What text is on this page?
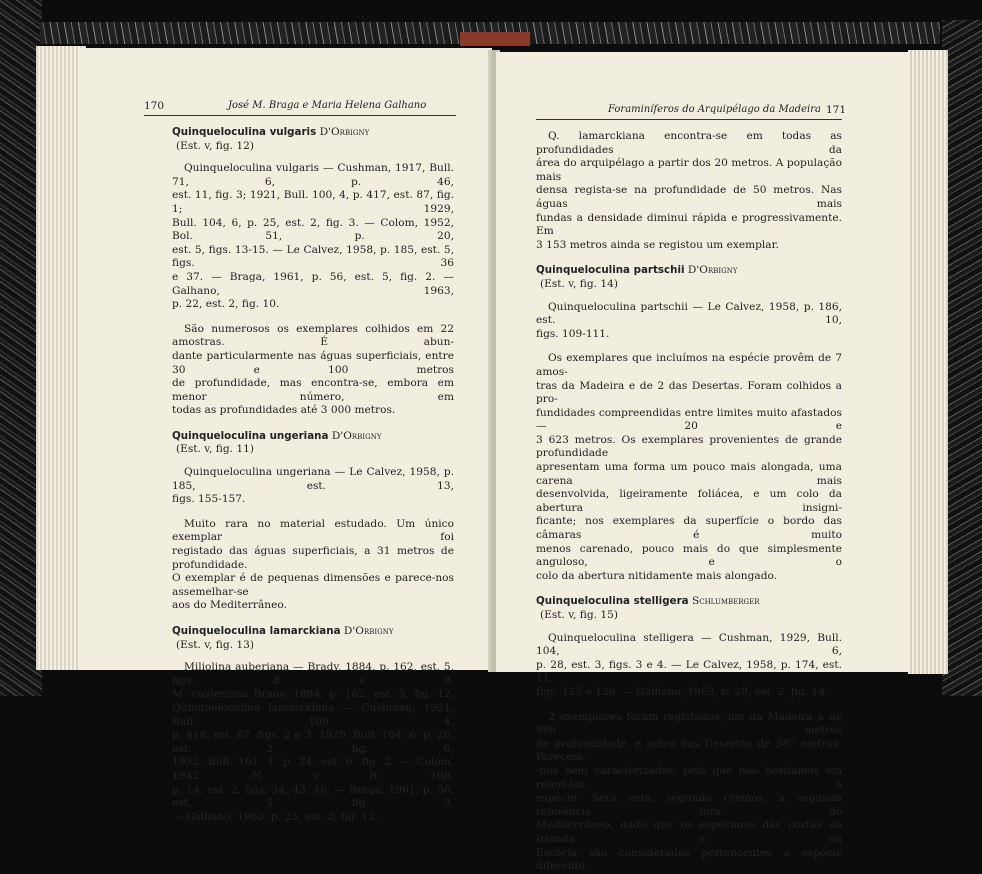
170	José M. Braga e Maria Helena Galhano
Quinqueloculina vulgaris D'Orbigny
(Est. v, fig. 12)
Quinqueloculina vulgaris — Cushman, 1917, Bull. 71, 6, p. 46,
est. 11, fig. 3; 1921, Bull. 100, 4, p. 417, est. 87, fig. 1; 1929,
Bull. 104, 6, p. 25, est. 2, fig. 3. — Colom, 1952, Bol. 51, p. 20,
est. 5, figs. 13-15. — Le Calvez, 1958, p. 185, est. 5, figs. 36
e 37. — Braga, 1961, p. 56, est. 5, fig. 2. — Galhano, 1963,
p. 22, est. 2, fig. 10.
São numerosos os exemplares colhidos em 22 amostras. É abun-
dante particularmente nas águas superficiais, entre 30 e 100 metros
de profundidade, mas encontra-se, embora em menor número, em
todas as profundidades até 3 000 metros.
Quinqueloculina ungeriana D'Orbigny
(Est. v, fig. 11)
Quinqueloculina ungeriana — Le Calvez, 1958, p. 185, est. 13,
figs. 155-157.
Muito rara no material estudado. Um único exemplar foi
registado das águas superficiais, a 31 metros de profundidade.
O exemplar é de pequenas dimensões e parece-nos assemelhar-se
aos do Mediterrâneo.
Quinqueloculina lamarckiana D'Orbigny
(Est. v, fig. 13)
Miliolina auberiana — Brady, 1884, p. 162, est. 5, figs. 8 e 9.
M. cuvieriana Brady, 1884, p. 162, est. 5, fig. 12.
Quinqueloculina lamarckiana — Cushman, 1921, Bull. 100, 4,
p. 418, est. 87, figs. 2 e 3; 1929, Bull. 104, 6, p. 26, est. 2, fig. 6;
1932, Bull. 161, 1, p. 24, est. 6, fig. 2. — Colom, 1942, N. y R. 108,
p. 14, est. 2, figs. 34, 43, 46. — Braga, 1961, p. 56, est. 5, fig. 3.
— Galhano, 1963, p. 23, est. 2, fig. 12.
Foraminíferos do Arquipélago da Madeira 171
Q. lamarckiana encontra-se em todas as profundidades da
área do arquipélago a partir dos 20 metros. A população mais
densa regista-se na profundidade de 50 metros. Nas águas mais
fundas a densidade diminui rápida e progressivamente. Em
3 153 metros ainda se registou um exemplar.
Quinqueloculina partschii D'Orbigny
(Est. v, fig. 14)
Quinqueloculina partschii — Le Calvez, 1958, p. 186, est. 10,
figs. 109-111.
Os exemplares que incluímos na espécie provêm de 7 amos-
tras da Madeira e de 2 das Desertas. Foram colhidos a pro-
fundidades compreendidas entre limites muito afastados — 20 e
3 623 metros. Os exemplares provenientes de grande profundidade
apresentam uma forma um pouco mais alongada, uma carena mais
desenvolvida, ligeiramente foliácea, e um colo da abertura insigni-
ficante; nos exemplares da superfície o bordo das câmaras é muito
menos carenado, pouco mais do que simplesmente anguloso, e o
colo da abertura nitidamente mais alongado.
Quinqueloculina stelligera Schlumberger
(Est. v, fig. 15)
Quinqueloculina stelligera — Cushman, 1929, Bull. 104, 6,
p. 28, est. 3, figs. 3 e 4. — Le Calvez, 1958, p. 174, est. 11,
figs. 125 e 126. — Galhano, 1963, p. 28, est. 2, fig. 14.
2 exemplares foram registados, um da Madeira a de 986 metros
de profundidade, e outro das Desertas de 387 metros. Parecem-
-nos bem caracterizados, pelo que não hesitámos em referi-los à
espécie. Será esta, segundo cremos, a segunda referência fora do
Mediterrâneo, dado que os espécimes das costas da Irlanda e da
Escócia são considerados pertencentes a espécie diferente.
